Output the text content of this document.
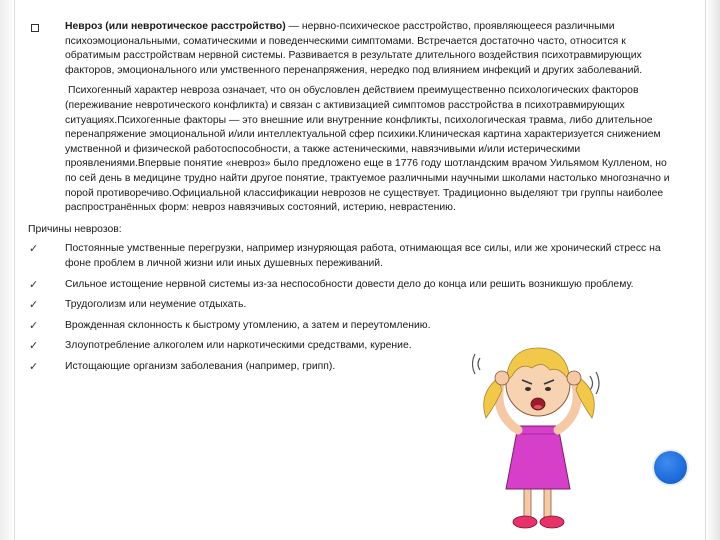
Невроз (или невротическое расстройство) — нервно-психическое расстройство, проявляющееся различными психоэмоциональными, соматическими и поведенческими симптомами. Встречается достаточно часто, относится к обратимым расстройствам нервной системы. Развивается в результате длительного воздействия психотравмирующих факторов, эмоционального или умственного перенапряжения, нередко под влиянием инфекций и других заболеваний.
Психогенный характер невроза означает, что он обусловлен действием преимущественно психологических факторов (переживание невротического конфликта) и связан с активизацией симптомов расстройства в психотравмирующих ситуациях.Психогенные факторы — это внешние или внутренние конфликты, психологическая травма, либо длительное перенапряжение эмоциональной и/или интеллектуальной сфер психики.Клиническая картина характеризуется снижением умственной и физической работоспособности, а также астеническими, навязчивыми и/или истерическими проявлениями.Впервые понятие «невроз» было предложено еще в 1776 году шотландским врачом Уильямом Кулленом, но по сей день в медицине трудно найти другое понятие, трактуемое различными научными школами настолько многозначно и порой противоречиво.Официальной классификации неврозов не существует. Традиционно выделяют три группы наиболее распространённых форм: невроз навязчивых состояний, истерию, неврастению.
Причины неврозов:
✓	Постоянные умственные перегрузки, например изнуряющая работа, отнимающая все силы, или же хронический стресс на фоне проблем в личной жизни или иных душевных переживаний.
✓	Сильное истощение нервной системы из-за неспособности довести дело до конца или решить возникшую проблему.
✓	Трудоголизм или неумение отдыхать.
✓	Врожденная склонность к быстрому утомлению, а затем и переутомлению.
✓	Злоупотребление алкоголем или наркотическими средствами, курение.
✓	Истощающие организм заболевания (например, грипп).
